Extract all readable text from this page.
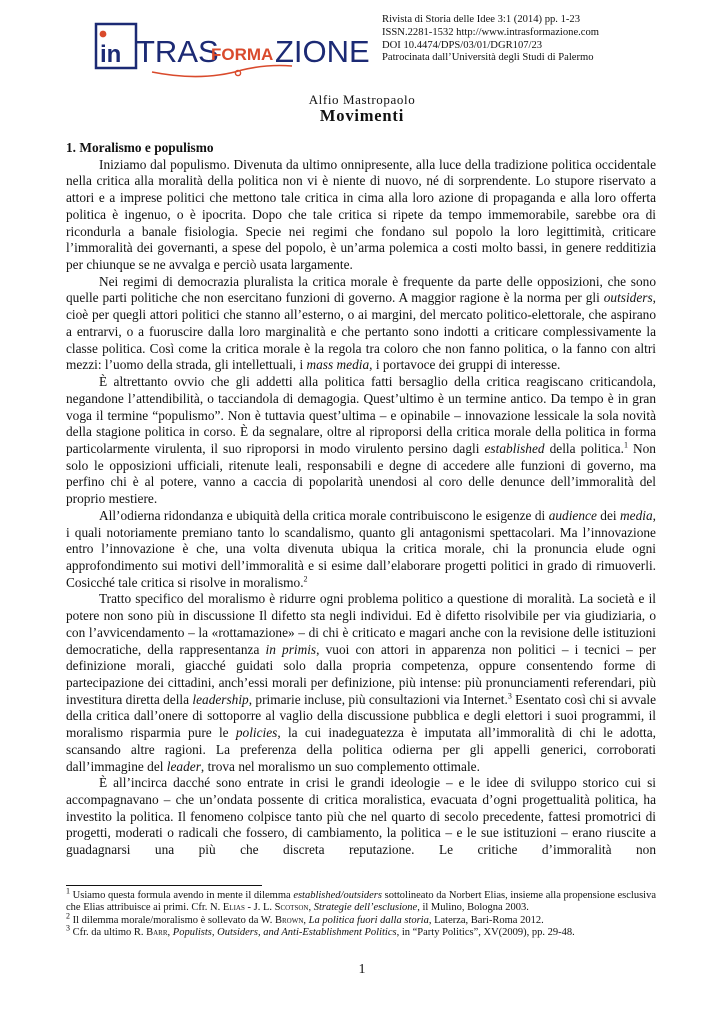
in TRAS
FORMA ZIONE
Rivista di Storia delle Idee 3:1 (2014) pp. 1-23
ISSN.2281-1532 http://www.intrasformazione.com
DOI 10.4474/DPS/03/01/DGR107/23
Patrocinata dall’Università degli Studi di Palermo
Alfio Mastropaolo
Movimenti
1. Moralismo e populismo

Iniziamo dal populismo. Divenuta da ultimo onnipresente, alla luce della tradizione politica occidentale nella critica alla moralità della politica non vi è niente di nuovo, né di sorprendente. Lo stupore riservato a attori e a imprese politici che mettono tale critica in cima alla loro azione di propaganda e alla loro offerta politica è ingenuo, o è ipocrita. Dopo che tale critica si ripete da tempo immemorabile, sarebbe ora di ricondurla a banale fisiologia. Specie nei regimi che fondano sul popolo la loro legittimità, criticare l’immoralità dei governanti, a spese del popolo, è un’arma polemica a costi molto bassi, in genere redditizia per chiunque se ne avvalga e perciò usata largamente.

Nei regimi di democrazia pluralista la critica morale è frequente da parte delle opposizioni, che sono quelle parti politiche che non esercitano funzioni di governo. A maggior ragione è la norma per gli outsiders, cioè per quegli attori politici che stanno all’esterno, o ai margini, del mercato politico-elettorale, che aspirano a entrarvi, o a fuoruscire dalla loro marginalità e che pertanto sono indotti a criticare complessivamente la classe politica. Così come la critica morale è la regola tra coloro che non fanno politica, o la fanno con altri mezzi: l’uomo della strada, gli intellettuali, i mass media, i portavoce dei gruppi di interesse.

È altrettanto ovvio che gli addetti alla politica fatti bersaglio della critica reagiscano criticandola, negandone l’attendibilità, o tacciandola di demagogia. Quest’ultimo è un termine antico. Da tempo è in gran voga il termine “populismo”. Non è tuttavia quest’ultima – e opinabile – innovazione lessicale la sola novità della stagione politica in corso. È da segnalare, oltre al riproporsi della critica morale della politica in forma particolarmente virulenta, il suo riproporsi in modo virulento persino dagli established della politica.$^1$ Non solo le opposizioni ufficiali, ritenute leali, responsabili e degne di accedere alle funzioni di governo, ma perfino chi è al potere, vanno a caccia di popolarità unendosi al coro delle denunce dell’immoralità del proprio mestiere.

All’odierna ridondanza e ubiquità della critica morale contribuiscono le esigenze di audience dei media, i quali notoriamente premiano tanto lo scandalismo, quanto gli antagonismi spettacolari. Ma l’innovazione entro l’innovazione è che, una volta divenuta ubiqua la critica morale, chi la pronuncia elude ogni approfondimento sui motivi dell’immoralità e si esime dall’elaborare progetti politici in grado di rimuoverli. Cosicché tale critica si risolve in moralismo.$^2$

Tratto specifico del moralismo è ridurre ogni problema politico a questione di moralità. La società e il potere non sono più in discussione Il difetto sta negli individui. Ed è difetto risolvibile per via giudiziaria, o con l’avvicendamento – la «rottamazione» – di chi è criticato e magari anche con la revisione delle istituzioni democratiche, della rappresentanza in primis, vuoi con attori in apparenza non politici – i tecnici – per definizione morali, giacché guidati solo dalla propria competenza, oppure consentendo forme di partecipazione dei cittadini, anch’essi morali per definizione, più intense: più pronunciamenti referendari, più investitura diretta della leadership, primarie incluse, più consultazioni via Internet.$^3$ Esentato così chi si avvale della critica dall’onere di sottoporre al vaglio della discussione pubblica e degli elettori i suoi programmi, il moralismo risparmia pure le policies, la cui inadeguatezza è imputata all’immoralità di chi le adotta, scansando altre ragioni. La preferenza della politica odierna per gli appelli generici, corroborati dall’immagine del leader, trova nel moralismo un suo complemento ottimale.

È all’incirca dacché sono entrate in crisi le grandi ideologie – e le idee di sviluppo storico cui si accompagnavano – che un’ondata possente di critica moralistica, evacuata d’ogni progettualità politica, ha investito la politica. Il fenomeno colpisce tanto più che nel quarto di secolo precedente, fattesi promotrici di progetti, moderati o radicali che fossero, di cambiamento, la politica – e le sue istituzioni – erano riuscite a guadagnarsi una più che discreta reputazione. Le critiche d’immoralità non

$^1$ Usiamo questa formula avendo in mente il dilemma established/outsiders sottolineato da Norbert Elias, insieme alla propensione esclusiva che Elias attribuisce ai primi. Cfr. N. Elias - J. L. Scotson, Strategie dell’esclusione, il Mulino, Bologna 2003.
$^2$ Il dilemma morale/moralismo è sollevato da W. Brown, La politica fuori dalla storia, Laterza, Bari-Roma 2012.
$^3$ Cfr. da ultimo R. Barr, Populists, Outsiders, and Anti-Establishment Politics, in “Party Politics”, XV(2009), pp. 29-48.
1
